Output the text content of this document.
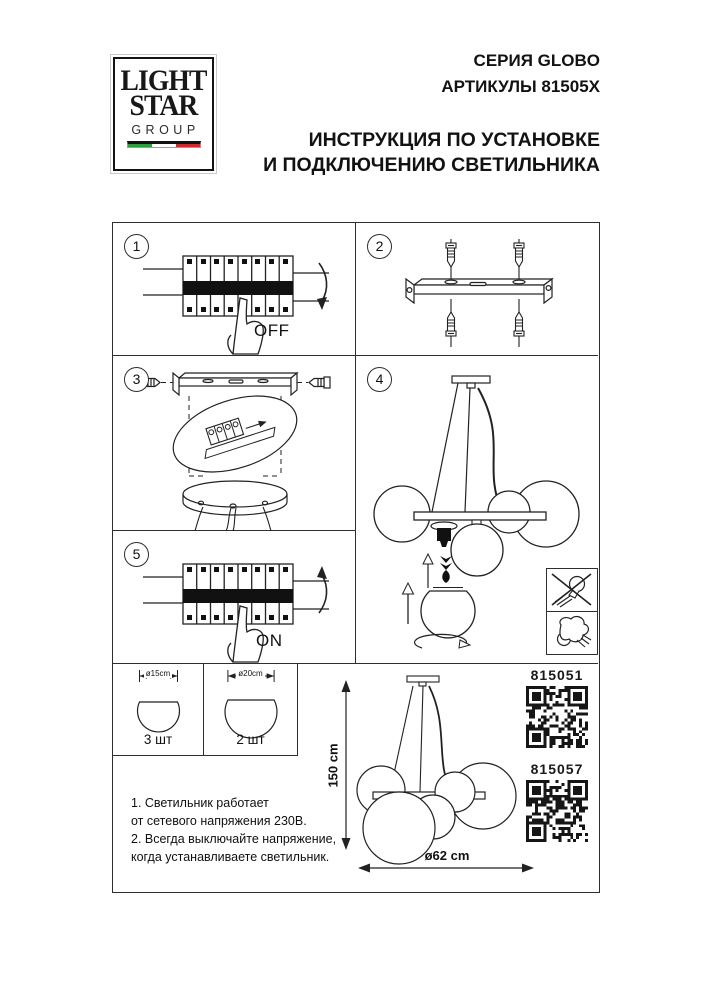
LIGHT
STAR
GROUP
СЕРИЯ GLOBO
АРТИКУЛЫ 81505X
ИНСТРУКЦИЯ ПО УСТАНОВКЕ
И ПОДКЛЮЧЕНИЮ СВЕТИЛЬНИКА
1
OFF
2
3	4
5
ON
ø15cm
3 шт
ø20cm
2 шт
1. Светильник работает
от сетевого напряжения 230В.
2. Всегда выключайте напряжение,
когда устанавливаете светильник.
150 cm
ø62 cm
815051
815057
